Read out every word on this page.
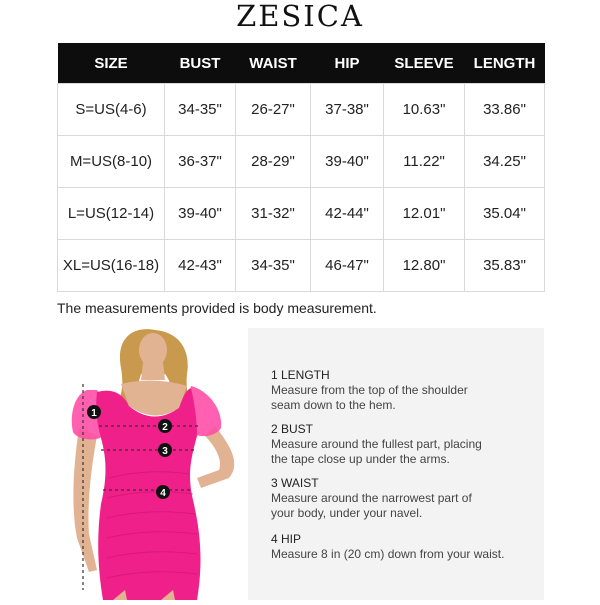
ZESICA
SIZE	BUST	WAIST	HIP	SLEEVE	LENGTH
S=US(4-6)	34-35"	26-27"	37-38"	10.63"	33.86"
M=US(8-10)	36-37"	28-29"	39-40"	11.22"	34.25"
L=US(12-14)	39-40"	31-32"	42-44"	12.01"	35.04"
XL=US(16-18)	42-43"	34-35"	46-47"	12.80"	35.83"
The measurements provided is body measurement.
1
2
3
4
1 LENGTH
Measure from the top of the shoulder
seam down to the hem.
2 BUST
Measure around the fullest part, placing
the tape close up under the arms.
3 WAIST
Measure around the narrowest part of
your body, under your navel.
4 HIP
Measure 8 in (20 cm) down from your waist.
